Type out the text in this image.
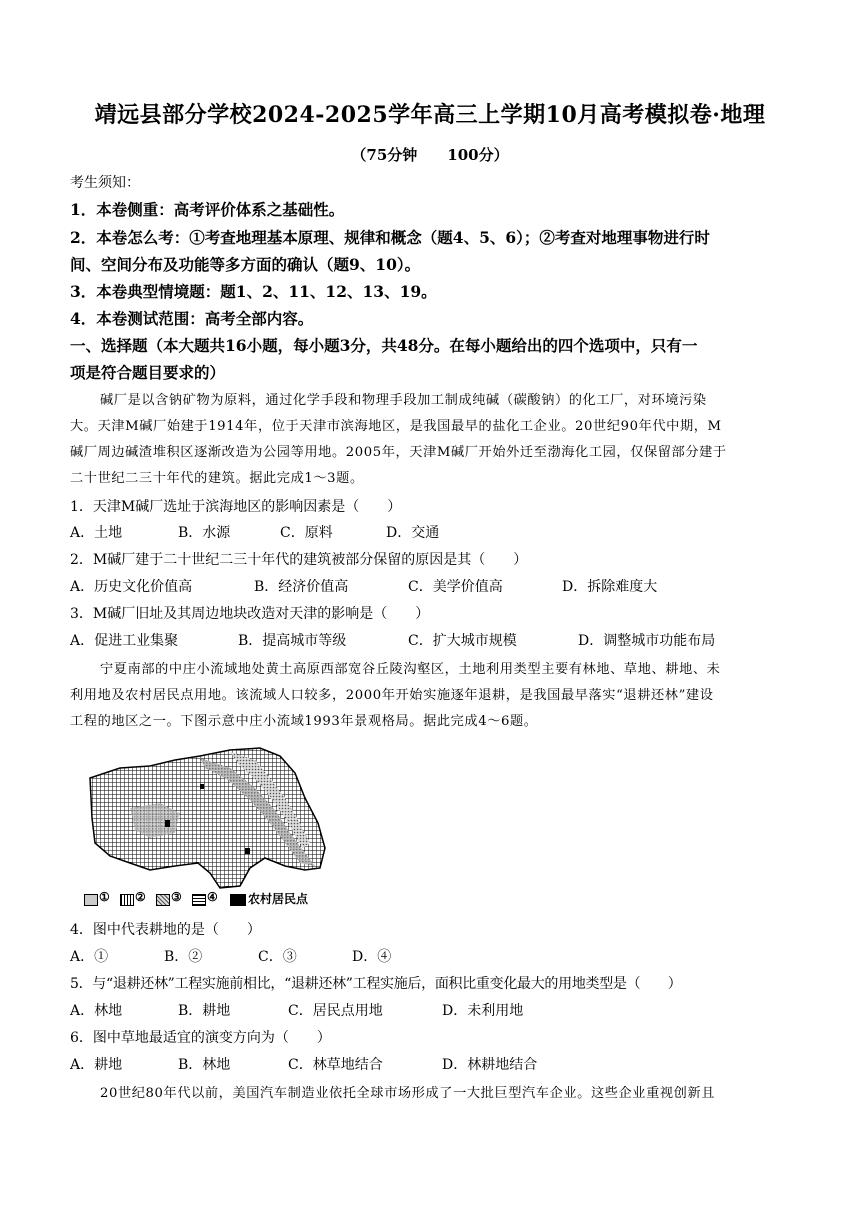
靖远县部分学校2024-2025学年高三上学期10月高考模拟卷·地理
（75分钟　　100分）
考生须知：
1．本卷侧重：高考评价体系之基础性。
2．本卷怎么考：①考查地理基本原理、规律和概念（题4、5、6）；②考查对地理事物进行时
间、空间分布及功能等多方面的确认（题9、10）。
3．本卷典型情境题：题1、2、11、12、13、19。
4．本卷测试范围：高考全部内容。
一、选择题（本大题共16小题，每小题3分，共48分。在每小题给出的四个选项中，只有一
项是符合题目要求的）
碱厂是以含钠矿物为原料，通过化学手段和物理手段加工制成纯碱（碳酸钠）的化工厂，对环境污染
大。天津M碱厂始建于1914年，位于天津市滨海地区，是我国最早的盐化工企业。20世纪90年代中期，M
碱厂周边碱渣堆积区逐渐改造为公园等用地。2005年，天津M碱厂开始外迁至渤海化工园，仅保留部分建于
二十世纪二三十年代的建筑。据此完成1～3题。
1．天津M碱厂选址于滨海地区的影响因素是（　　）
A．土地	B．水源	C．原料	D．交通
2．M碱厂建于二十世纪二三十年代的建筑被部分保留的原因是其（　　）
A．历史文化价值高	B．经济价值高	C．美学价值高	D．拆除难度大
3．M碱厂旧址及其周边地块改造对天津的影响是（　　）
A．促进工业集聚	B．提高城市等级	C．扩大城市规模	D．调整城市功能布局
宁夏南部的中庄小流域地处黄土高原西部宽谷丘陵沟壑区，土地利用类型主要有林地、草地、耕地、未
利用地及农村居民点用地。该流域人口较多，2000年开始实施逐年退耕，是我国最早落实“退耕还林”建设
工程的地区之一。下图示意中庄小流域1993年景观格局。据此完成4～6题。
① ② ③ ④	农村居民点
4．图中代表耕地的是（　　）
A．①	B．②	C．③	D．④
5．与“退耕还林”工程实施前相比，“退耕还林”工程实施后，面积比重变化最大的用地类型是（　　）
A．林地	B．耕地	C．居民点用地	D．未利用地
6．图中草地最适宜的演变方向为（　　）
A．耕地	B．林地	C．林草地结合	D．林耕地结合
20世纪80年代以前，美国汽车制造业依托全球市场形成了一大批巨型汽车企业。这些企业重视创新且
